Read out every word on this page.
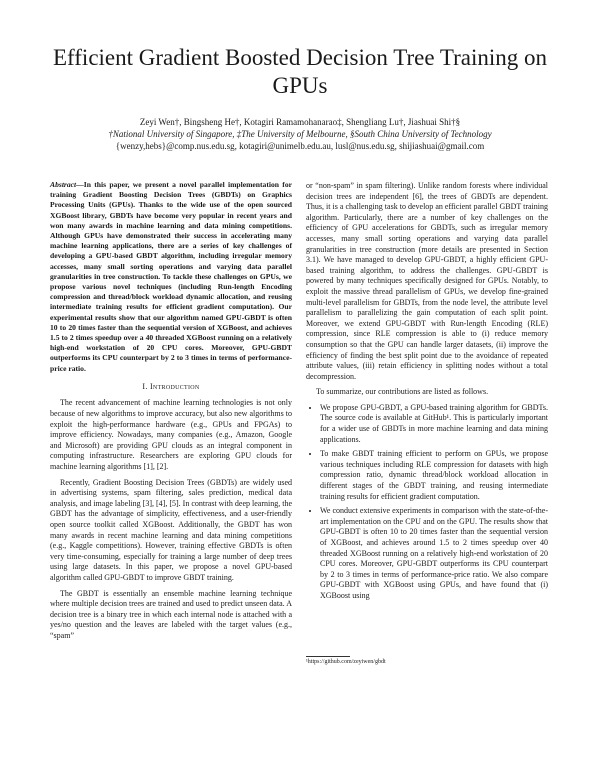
Efficient Gradient Boosted Decision Tree Training on GPUs
Zeyi Wen†, Bingsheng He†, Kotagiri Ramamohanarao‡, Shengliang Lu†, Jiashuai Shi†§
†National University of Singapore, ‡The University of Melbourne, §South China University of Technology
{wenzy,hebs}@comp.nus.edu.sg, kotagiri@unimelb.edu.au, lusl@nus.edu.sg, shijiashuai@gmail.com

Abstract—In this paper, we present a novel parallel implementation for training Gradient Boosting Decision Trees (GBDTs) on Graphics Processing Units (GPUs). Thanks to the wide use of the open sourced XGBoost library, GBDTs have become very popular in recent years and won many awards in machine learning and data mining competitions. Although GPUs have demonstrated their success in accelerating many machine learning applications, there are a series of key challenges of developing a GPU-based GBDT algorithm, including irregular memory accesses, many small sorting operations and varying data parallel granularities in tree construction. To tackle these challenges on GPUs, we propose various novel techniques (including Run-length Encoding compression and thread/block workload dynamic allocation, and reusing intermediate training results for efficient gradient computation). Our experimental results show that our algorithm named GPU-GBDT is often 10 to 20 times faster than the sequential version of XGBoost, and achieves 1.5 to 2 times speedup over a 40 threaded XGBoost running on a relatively high-end workstation of 20 CPU cores. Moreover, GPU-GBDT outperforms its CPU counterpart by 2 to 3 times in terms of performance-price ratio.

I. Introduction

The recent advancement of machine learning technologies is not only because of new algorithms to improve accuracy, but also new algorithms to exploit the high-performance hardware (e.g., GPUs and FPGAs) to improve efficiency. Nowadays, many companies (e.g., Amazon, Google and Microsoft) are providing GPU clouds as an integral component in computing infrastructure. Researchers are exploring GPU clouds for machine learning algorithms [1], [2].

Recently, Gradient Boosting Decision Trees (GBDTs) are widely used in advertising systems, spam filtering, sales prediction, medical data analysis, and image labeling [3], [4], [5]. In contrast with deep learning, the GBDT has the advantage of simplicity, effectiveness, and a user-friendly open source toolkit called XGBoost. Additionally, the GBDT has won many awards in recent machine learning and data mining competitions (e.g., Kaggle competitions). However, training effective GBDTs is often very time-consuming, especially for training a large number of deep trees using large datasets. In this paper, we propose a novel GPU-based algorithm called GPU-GBDT to improve GBDT training.

The GBDT is essentially an ensemble machine learning technique where multiple decision trees are trained and used to predict unseen data. A decision tree is a binary tree in which each internal node is attached with a yes/no question and the leaves are labeled with the target values (e.g., “spam”

or “non-spam” in spam filtering). Unlike random forests where individual decision trees are independent [6], the trees of GBDTs are dependent. Thus, it is a challenging task to develop an efficient parallel GBDT training algorithm. Particularly, there are a number of key challenges on the efficiency of GPU accelerations for GBDTs, such as irregular memory accesses, many small sorting operations and varying data parallel granularities in tree construction (more details are presented in Section 3.1). We have managed to develop GPU-GBDT, a highly efficient GPU-based training algorithm, to address the challenges. GPU-GBDT is powered by many techniques specifically designed for GPUs. Notably, to exploit the massive thread parallelism of GPUs, we develop fine-grained multi-level parallelism for GBDTs, from the node level, the attribute level parallelism to parallelizing the gain computation of each split point. Moreover, we extend GPU-GBDT with Run-length Encoding (RLE) compression, since RLE compression is able to (i) reduce memory consumption so that the GPU can handle larger datasets, (ii) improve the efficiency of finding the best split point due to the avoidance of repeated attribute values, (iii) retain efficiency in splitting nodes without a total decompression.

To summarize, our contributions are listed as follows.

• We propose GPU-GBDT, a GPU-based training algorithm for GBDTs. The source code is available at GitHub¹. This is particularly important for a wider use of GBDTs in more machine learning and data mining applications.
• To make GBDT training efficient to perform on GPUs, we propose various techniques including RLE compression for datasets with high compression ratio, dynamic thread/block workload allocation in different stages of the GBDT training, and reusing intermediate training results for efficient gradient computation.
• We conduct extensive experiments in comparison with the state-of-the-art implementation on the CPU and on the GPU. The results show that GPU-GBDT is often 10 to 20 times faster than the sequential version of XGBoost, and achieves around 1.5 to 2 times speedup over 40 threaded XGBoost running on a relatively high-end workstation of 20 CPU cores. Moreover, GPU-GBDT outperforms its CPU counterpart by 2 to 3 times in terms of performance-price ratio. We also compare GPU-GBDT with XGBoost using GPUs, and have found that (i) XGBoost using
¹https://github.com/zeyiwen/gbdt
